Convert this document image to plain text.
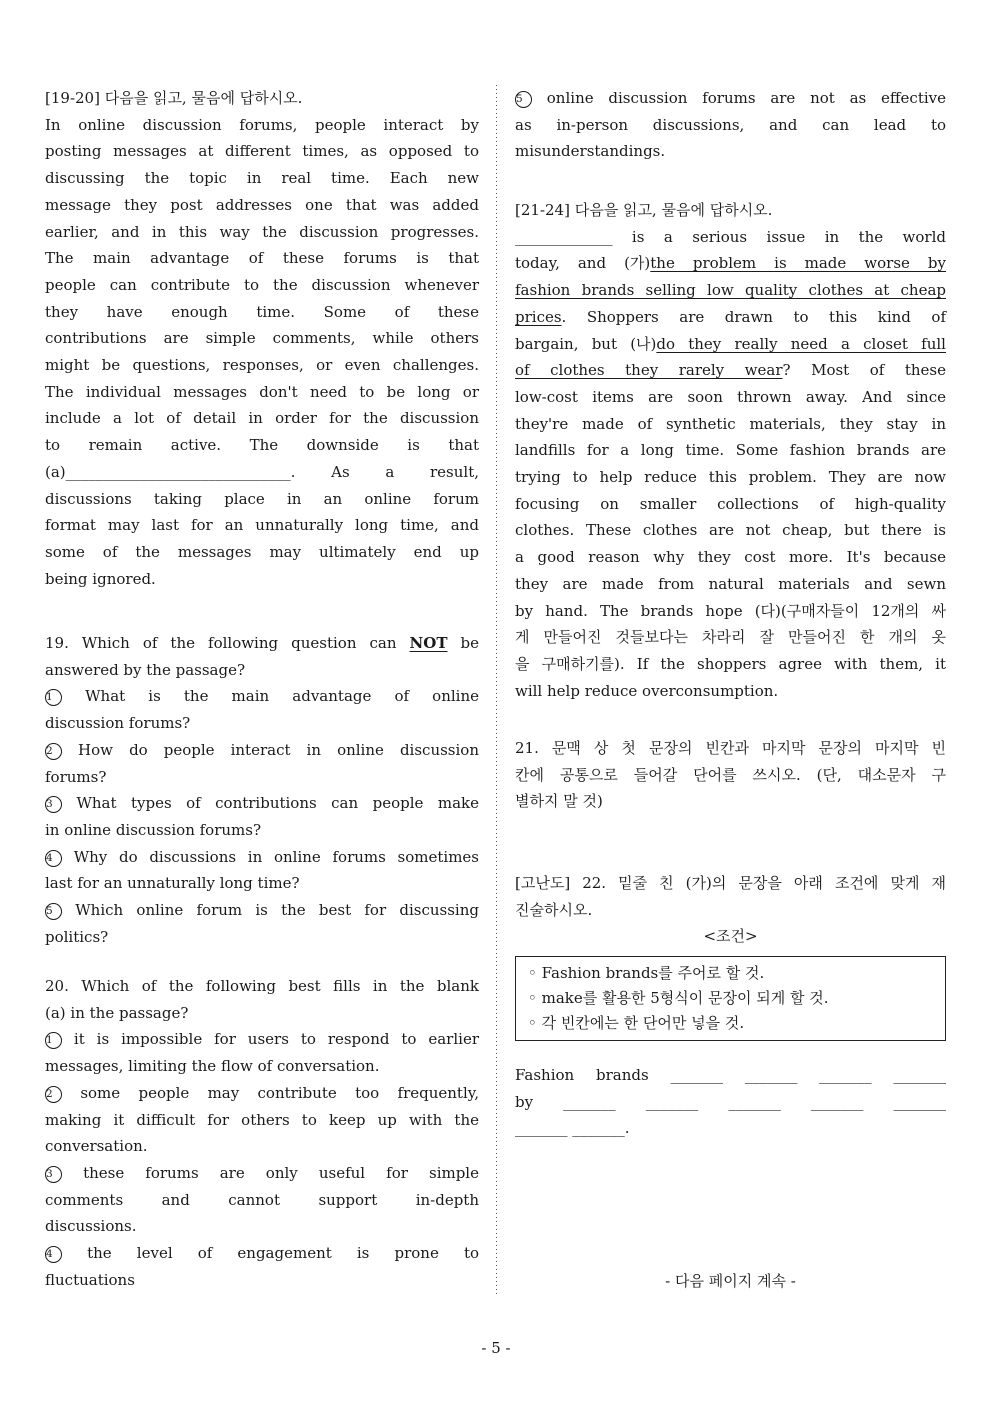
[19-20] 다음을 읽고, 물음에 답하시오.
In online discussion forums, people interact by
posting messages at different times, as opposed to
discussing the topic in real time. Each new
message they post addresses one that was added
earlier, and in this way the discussion progresses.
The main advantage of these forums is that
people can contribute to the discussion whenever
they have enough time. Some of these
contributions are simple comments, while others
might be questions, responses, or even challenges.
The individual messages don't need to be long or
include a lot of detail in order for the discussion
to remain active. The downside is that
(a)______________________________. As a result,
discussions taking place in an online forum
format may last for an unnaturally long time, and
some of the messages may ultimately end up
being ignored.
19. Which of the following question can NOT be
answered by the passage?
1 What is the main advantage of online
discussion forums?
2 How do people interact in online discussion
forums?
3 What types of contributions can people make
in online discussion forums?
4 Why do discussions in online forums sometimes
last for an unnaturally long time?
5 Which online forum is the best for discussing
politics?
20. Which of the following best fills in the blank
(a) in the passage?
1 it is impossible for users to respond to earlier
messages, limiting the flow of conversation.
2 some people may contribute too frequently,
making it difficult for others to keep up with the
conversation.
3 these forums are only useful for simple
comments and cannot support in-depth
discussions.
4 the level of engagement is prone to
fluctuations
5 online discussion forums are not as effective
as in-person discussions, and can lead to
misunderstandings.
[21-24] 다음을 읽고, 물음에 답하시오.
_____________ is a serious issue in the world
today, and (가)the problem is made worse by
fashion brands selling low quality clothes at cheap
prices. Shoppers are drawn to this kind of
bargain, but (나)do they really need a closet full
of clothes they rarely wear? Most of these
low-cost items are soon thrown away. And since
they're made of synthetic materials, they stay in
landfills for a long time. Some fashion brands are
trying to help reduce this problem. They are now
focusing on smaller collections of high-quality
clothes. These clothes are not cheap, but there is
a good reason why they cost more. It's because
they are made from natural materials and sewn
by hand. The brands hope (다)(구매자들이 12개의 싸
게 만들어진 것들보다는 차라리 잘 만들어진 한 개의 옷
을 구매하기를). If the shoppers agree with them, it
will help reduce overconsumption.
21. 문맥 상 첫 문장의 빈칸과 마지막 문장의 마지막 빈
칸에 공통으로 들어갈 단어를 쓰시오. (단, 대소문자 구
별하지 말 것)
[고난도] 22. 밑줄 친 (가)의 문장을 아래 조건에 맞게 재
진술하시오.
<조건>
◦ Fashion brands를 주어로 할 것.
◦ make를 활용한 5형식이 문장이 되게 할 것.
◦ 각 빈칸에는 한 단어만 넣을 것.
Fashion brands _______ _______ _______ _______
by _______ _______ _______ _______ _______
_______ _______.
- 다음 페이지 계속 -
- 5 -
